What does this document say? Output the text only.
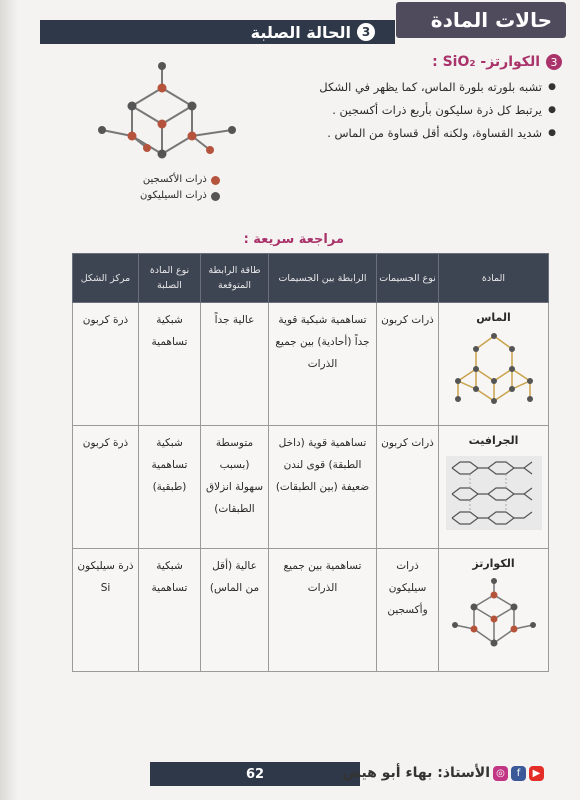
حالات المادة
الحالة الصلبة 3
3
الكوارتز- SiO₂ :
● تشبه بلورته بلورة الماس، كما يظهر في الشكل
● يرتبط كل ذرة سليكون بأربع ذرات أكسجين .
● شديد القساوة، ولكنه أقل قساوة من الماس .
ذرات الأكسجين
ذرات السيليكون
مراجعة سريعة :
المادة	نوع الجسيمات	الرابطة بين الجسيمات	طاقة الرابطة المتوقعة	نوع المادة الصلبة	مركز الشكل
الماس	ذرات كربون	تساهمية شبكية قوية جداً (أحادية) بين جميع الذرات	عالية جداً	شبكية تساهمية	ذرة كربون
الجرافيت	ذرات كربون	تساهمية قوية (داخل الطبقة) قوى لندن ضعيفة (بين الطبقات)	متوسطة (بسبب سهولة انزلاق الطبقات)	شبكية تساهمية (طبقية)	ذرة كربون
الكوارتز	ذرات سيليكون وأكسجين	تساهمية بين جميع الذرات	عالية (أقل من الماس)	شبكية تساهمية	ذرة سيليكون Si
62	الأستاذ: بهاء أبو هيض ◎	f	▶
